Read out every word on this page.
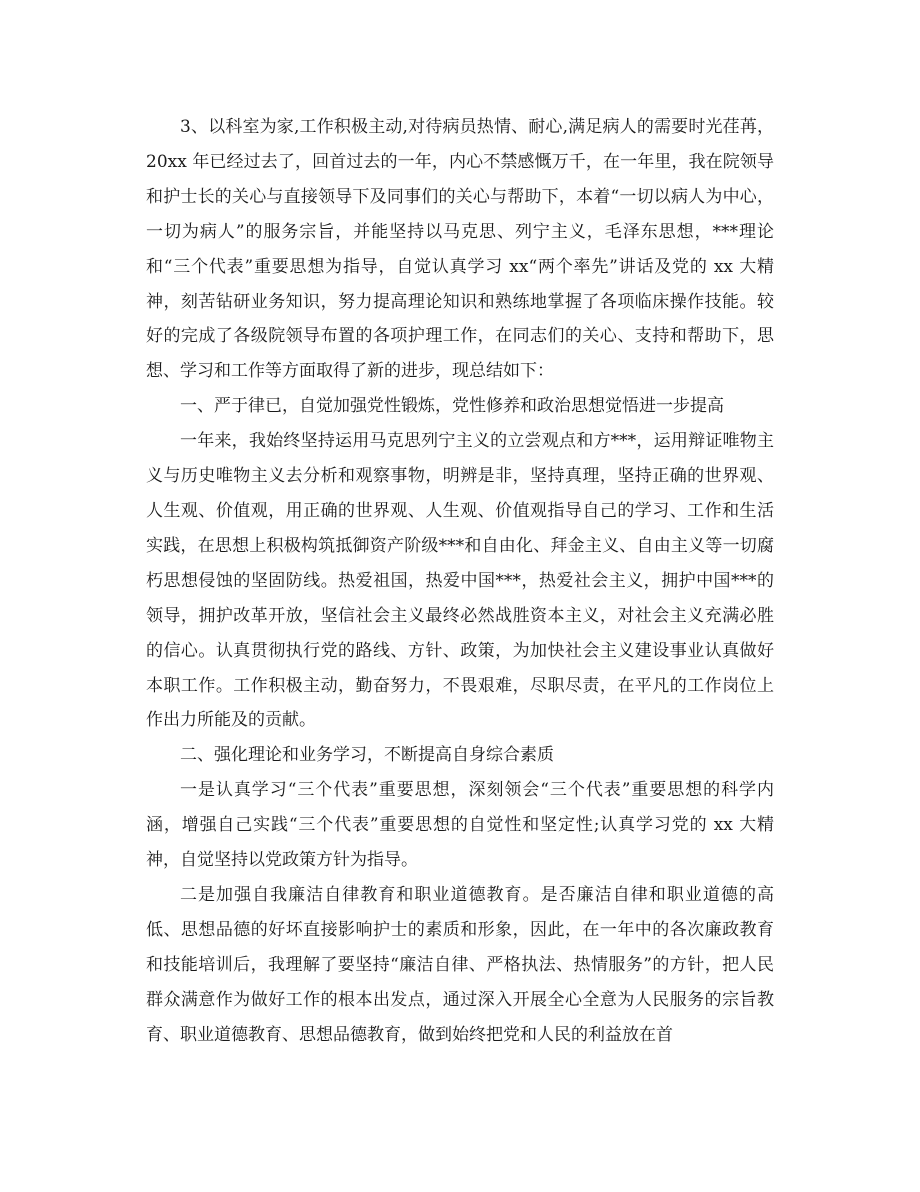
3、以科室为家,工作积极主动,对待病员热情、耐心,满足病人的需要时光荏苒，20xx 年已经过去了，回首过去的一年，内心不禁感慨万千，在一年里，我在院领导和护士长的关心与直接领导下及同事们的关心与帮助下，本着“一切以病人为中心，一切为病人”的服务宗旨，并能坚持以马克思、列宁主义，毛泽东思想，***理论和“三个代表”重要思想为指导，自觉认真学习 xx“两个率先”讲话及党的 xx 大精神，刻苦钻研业务知识，努力提高理论知识和熟练地掌握了各项临床操作技能。较好的完成了各级院领导布置的各项护理工作，在同志们的关心、支持和帮助下，思想、学习和工作等方面取得了新的进步，现总结如下：

一、严于律已，自觉加强党性锻炼，党性修养和政治思想觉悟进一步提高

一年来，我始终坚持运用马克思列宁主义的立尝观点和方***，运用辩证唯物主义与历史唯物主义去分析和观察事物，明辨是非，坚持真理，坚持正确的世界观、人生观、价值观，用正确的世界观、人生观、价值观指导自己的学习、工作和生活实践，在思想上积极构筑抵御资产阶级***和自由化、拜金主义、自由主义等一切腐朽思想侵蚀的坚固防线。热爱祖国，热爱中国***，热爱社会主义，拥护中国***的领导，拥护改革开放，坚信社会主义最终必然战胜资本主义，对社会主义充满必胜的信心。认真贯彻执行党的路线、方针、政策，为加快社会主义建设事业认真做好本职工作。工作积极主动，勤奋努力，不畏艰难，尽职尽责，在平凡的工作岗位上作出力所能及的贡献。

二、强化理论和业务学习，不断提高自身综合素质

一是认真学习“三个代表”重要思想，深刻领会“三个代表”重要思想的科学内涵，增强自己实践“三个代表”重要思想的自觉性和坚定性;认真学习党的 xx 大精神，自觉坚持以党政策方针为指导。

二是加强自我廉洁自律教育和职业道德教育。是否廉洁自律和职业道德的高低、思想品德的好坏直接影响护士的素质和形象，因此，在一年中的各次廉政教育和技能培训后，我理解了要坚持“廉洁自律、严格执法、热情服务”的方针，把人民群众满意作为做好工作的根本出发点，通过深入开展全心全意为人民服务的宗旨教育、职业道德教育、思想品德教育，做到始终把党和人民的利益放在首
